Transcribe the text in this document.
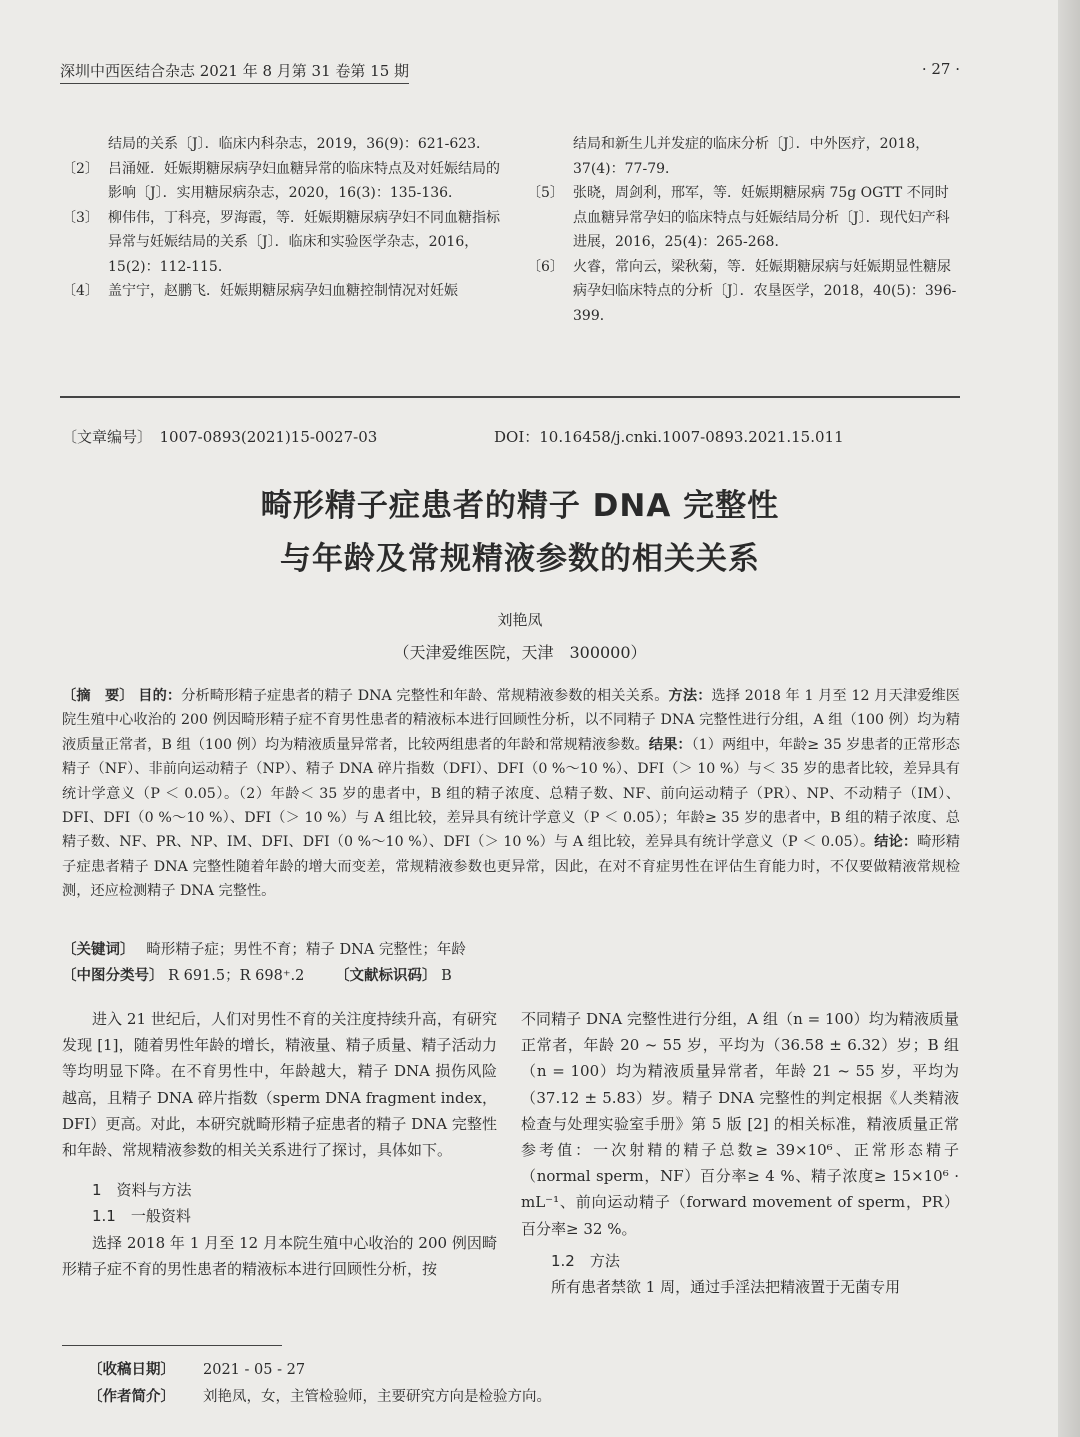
深圳中西医结合杂志 2021 年 8 月第 31 卷第 15 期	· 27 ·
结局的关系〔J〕．临床内科杂志，2019，36(9)：621-623．
〔2〕 吕涌娅．妊娠期糖尿病孕妇血糖异常的临床特点及对妊娠结局的影响〔J〕．实用糖尿病杂志，2020，16(3)：135-136．
〔3〕 柳伟伟，丁科亮，罗海霞，等．妊娠期糖尿病孕妇不同血糖指标异常与妊娠结局的关系〔J〕．临床和实验医学杂志，2016，15(2)：112-115．
〔4〕 盖宁宁，赵鹏飞．妊娠期糖尿病孕妇血糖控制情况对妊娠
结局和新生儿并发症的临床分析〔J〕．中外医疗，2018，37(4)：77-79．
〔5〕 张晓，周剑利，邢军，等．妊娠期糖尿病 75g OGTT 不同时点血糖异常孕妇的临床特点与妊娠结局分析〔J〕．现代妇产科进展，2016，25(4)：265-268．
〔6〕 火睿，常向云，梁秋菊，等．妊娠期糖尿病与妊娠期显性糖尿病孕妇临床特点的分析〔J〕．农垦医学，2018，40(5)：396-399．
〔文章编号〕　1007-0893(2021)15-0027-03	DOI：10.16458/j.cnki.1007-0893.2021.15.011
畸形精子症患者的精子 DNA 完整性
与年龄及常规精液参数的相关关系
刘艳凤
（天津爱维医院，天津　300000）
〔摘　要〕 目的：分析畸形精子症患者的精子 DNA 完整性和年龄、常规精液参数的相关关系。方法：选择 2018 年 1 月至 12 月天津爱维医院生殖中心收治的 200 例因畸形精子症不育男性患者的精液标本进行回顾性分析，以不同精子 DNA 完整性进行分组，A 组（100 例）均为精液质量正常者，B 组（100 例）均为精液质量异常者，比较两组患者的年龄和常规精液参数。结果：（1）两组中，年龄≥ 35 岁患者的正常形态精子（NF）、非前向运动精子（NP）、精子 DNA 碎片指数（DFI）、DFI（0 %～10 %）、DFI（＞ 10 %）与＜ 35 岁的患者比较，差异具有统计学意义（P ＜ 0.05）。（2）年龄＜ 35 岁的患者中，B 组的精子浓度、总精子数、NF、前向运动精子（PR）、NP、不动精子（IM）、DFI、DFI（0 %～10 %）、DFI（＞ 10 %）与 A 组比较，差异具有统计学意义（P ＜ 0.05）；年龄≥ 35 岁的患者中，B 组的精子浓度、总精子数、NF、PR、NP、IM、DFI、DFI（0 %～10 %）、DFI（＞ 10 %）与 A 组比较，差异具有统计学意义（P ＜ 0.05）。结论：畸形精子症患者精子 DNA 完整性随着年龄的增大而变差，常规精液参数也更异常，因此，在对不育症男性在评估生育能力时，不仅要做精液常规检测，还应检测精子 DNA 完整性。
〔关键词〕　 畸形精子症；男性不育；精子 DNA 完整性；年龄
〔中图分类号〕 R 691.5；R 698⁺.2 〔文献标识码〕 B

进入 21 世纪后，人们对男性不育的关注度持续升高，有研究发现 [1]，随着男性年龄的增长，精液量、精子质量、精子活动力等均明显下降。在不育男性中，年龄越大，精子 DNA 损伤风险越高，且精子 DNA 碎片指数（sperm DNA fragment index，DFI）更高。对此，本研究就畸形精子症患者的精子 DNA 完整性和年龄、常规精液参数的相关关系进行了探讨，具体如下。

1　资料与方法

1.1　一般资料

选择 2018 年 1 月至 12 月本院生殖中心收治的 200 例因畸形精子症不育的男性患者的精液标本进行回顾性分析，按

不同精子 DNA 完整性进行分组，A 组（n = 100）均为精液质量正常者，年龄 20 ~ 55 岁，平均为（36.58 ± 6.32）岁；B 组（n = 100）均为精液质量异常者，年龄 21 ~ 55 岁，平均为（37.12 ± 5.83）岁。精子 DNA 完整性的判定根据《人类精液检查与处理实验室手册》第 5 版 [2] 的相关标准，精液质量正常参考值：一次射精的精子总数≥ 39×10⁶、正常形态精子（normal sperm，NF）百分率≥ 4 %、精子浓度≥ 15×10⁶ · mL⁻¹、前向运动精子（forward movement of sperm，PR）百分率≥ 32 %。

1.2　方法

所有患者禁欲 1 周，通过手淫法把精液置于无菌专用

〔收稿日期〕 2021 - 05 - 27
〔作者简介〕 刘艳凤，女，主管检验师，主要研究方向是检验方向。
